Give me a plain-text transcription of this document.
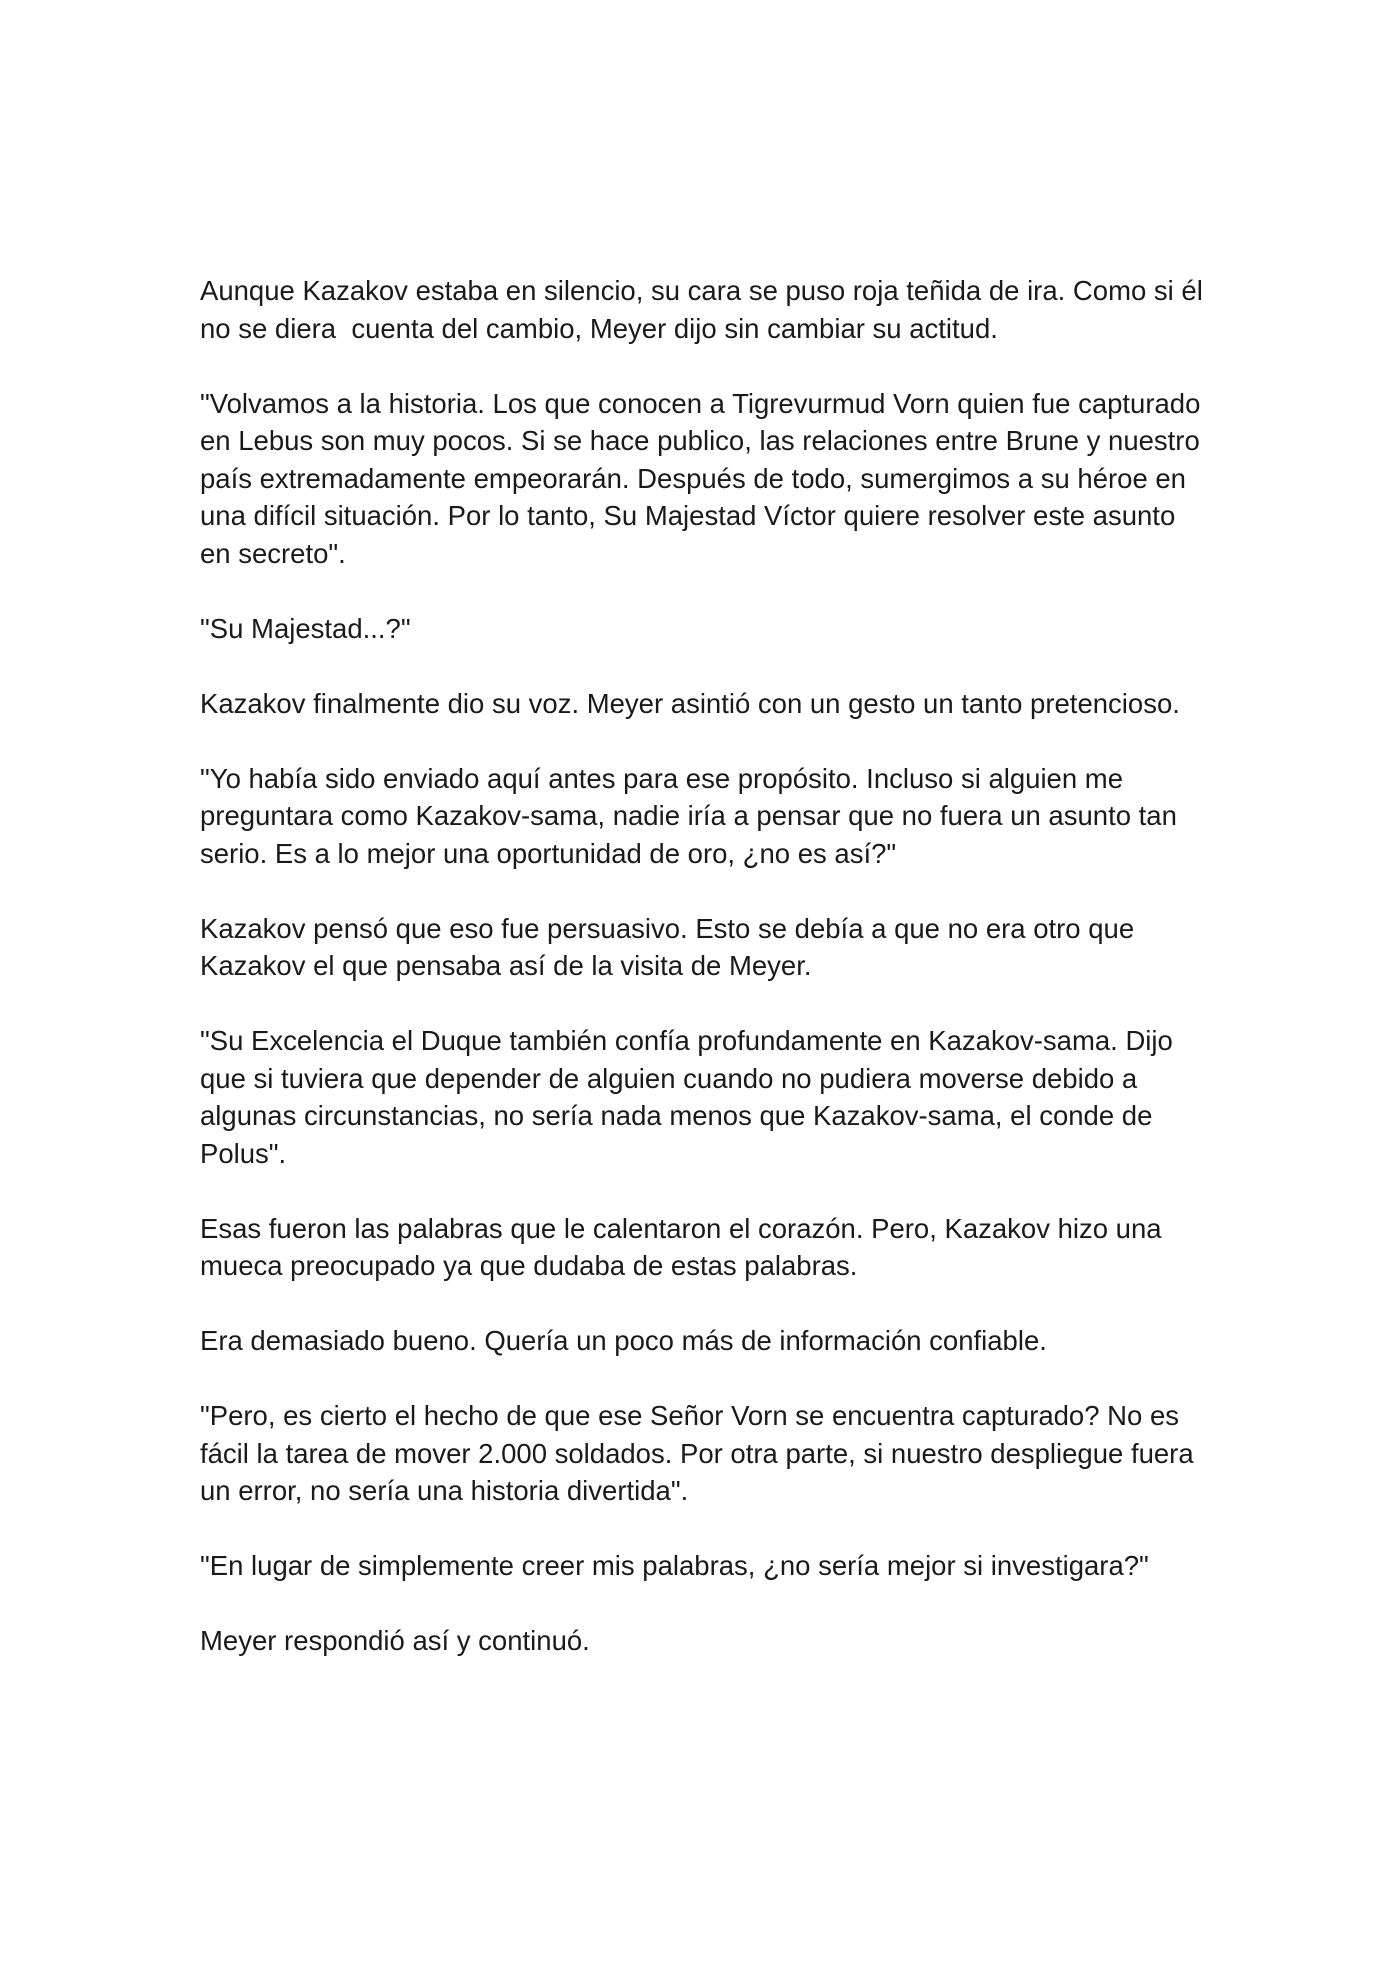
Aunque Kazakov estaba en silencio, su cara se puso roja teñida de ira. Como si él no se diera  cuenta del cambio, Meyer dijo sin cambiar su actitud.

"Volvamos a la historia. Los que conocen a Tigrevurmud Vorn quien fue capturado en Lebus son muy pocos. Si se hace publico, las relaciones entre Brune y nuestro país extremadamente empeorarán. Después de todo, sumergimos a su héroe en una difícil situación. Por lo tanto, Su Majestad Víctor quiere resolver este asunto en secreto".

"Su Majestad...?"

Kazakov finalmente dio su voz. Meyer asintió con un gesto un tanto pretencioso.

"Yo había sido enviado aquí antes para ese propósito. Incluso si alguien me preguntara como Kazakov-sama, nadie iría a pensar que no fuera un asunto tan serio. Es a lo mejor una oportunidad de oro, ¿no es así?"

Kazakov pensó que eso fue persuasivo. Esto se debía a que no era otro que Kazakov el que pensaba así de la visita de Meyer.

"Su Excelencia el Duque también confía profundamente en Kazakov-sama. Dijo que si tuviera que depender de alguien cuando no pudiera moverse debido a algunas circunstancias, no sería nada menos que Kazakov-sama, el conde de Polus".

Esas fueron las palabras que le calentaron el corazón. Pero, Kazakov hizo una mueca preocupado ya que dudaba de estas palabras.

Era demasiado bueno. Quería un poco más de información confiable.

"Pero, es cierto el hecho de que ese Señor Vorn se encuentra capturado? No es fácil la tarea de mover 2.000 soldados. Por otra parte, si nuestro despliegue fuera un error, no sería una historia divertida".

"En lugar de simplemente creer mis palabras, ¿no sería mejor si investigara?"

Meyer respondió así y continuó.
